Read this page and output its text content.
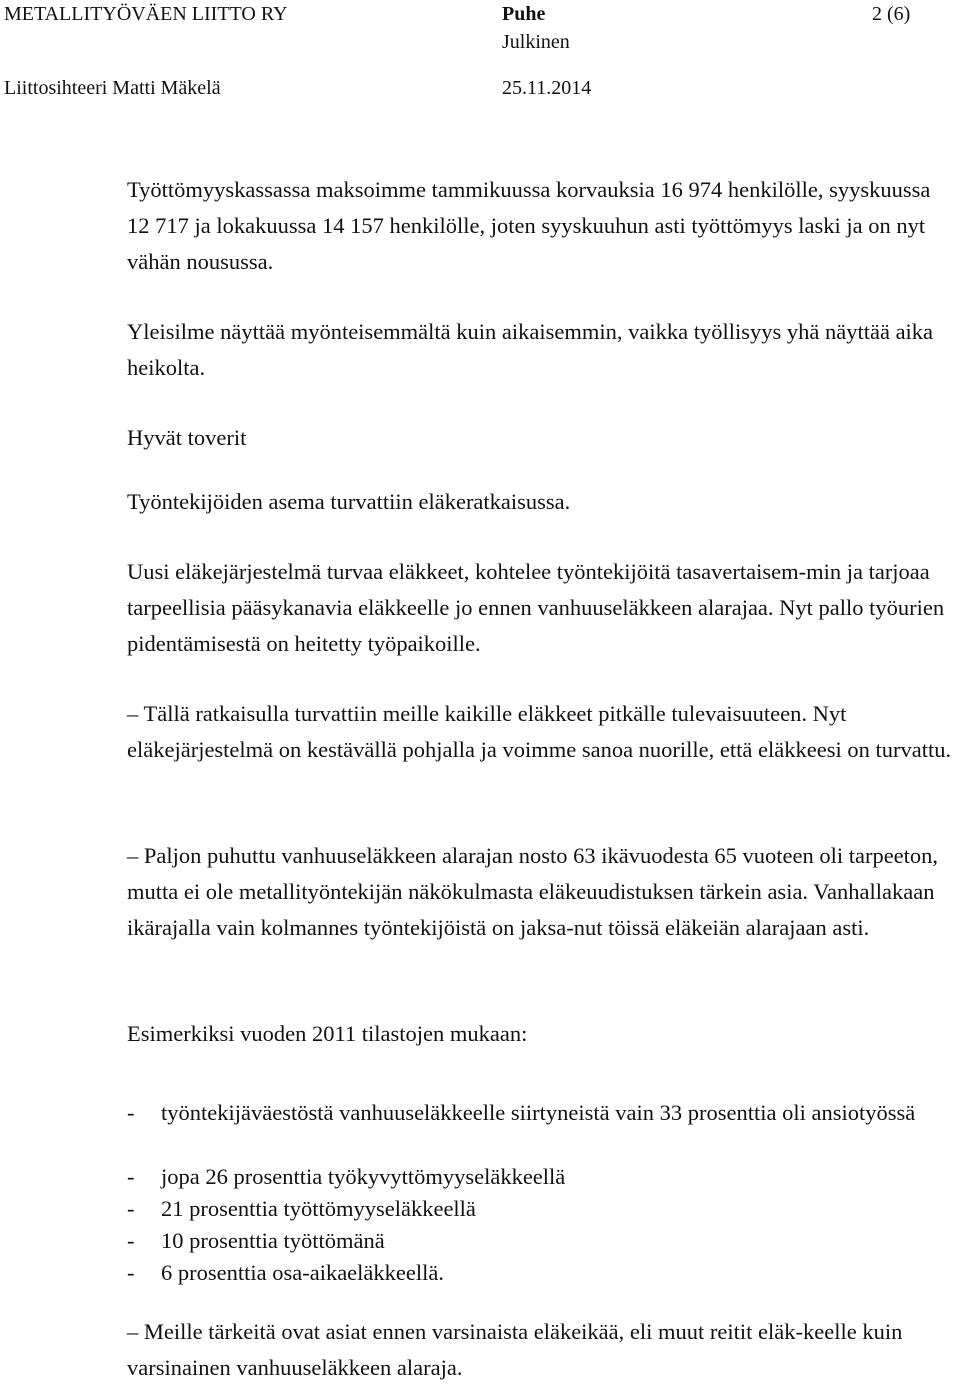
METALLITYÖVÄEN LIITTO RY	Puhe	2 (6)
Julkinen
Liittosihteeri Matti Mäkelä	25.11.2014

Työttömyyskassassa maksoimme tammikuussa korvauksia 16 974 henkilölle, syyskuussa 12 717 ja lokakuussa 14 157 henkilölle, joten syyskuuhun asti työttömyys laski ja on nyt vähän nousussa.

Yleisilme näyttää myönteisemmältä kuin aikaisemmin, vaikka työllisyys yhä näyttää aika heikolta.

Hyvät toverit

Työntekijöiden asema turvattiin eläkeratkaisussa.

Uusi eläkejärjestelmä turvaa eläkkeet, kohtelee työntekijöitä tasavertaisem-min ja tarjoaa tarpeellisia pääsykanavia eläkkeelle jo ennen vanhuuseläkkeen alarajaa. Nyt pallo työurien pidentämisestä on heitetty työpaikoille.

– Tällä ratkaisulla turvattiin meille kaikille eläkkeet pitkälle tulevaisuuteen. Nyt eläkejärjestelmä on kestävällä pohjalla ja voimme sanoa nuorille, että eläkkeesi on turvattu.

– Paljon puhuttu vanhuuseläkkeen alarajan nosto 63 ikävuodesta 65 vuoteen oli tarpeeton, mutta ei ole metallityöntekijän näkökulmasta eläkeuudistuksen tärkein asia. Vanhallakaan ikärajalla vain kolmannes työntekijöistä on jaksa-nut töissä eläkeiän alarajaan asti.

Esimerkiksi vuoden 2011 tilastojen mukaan:

- työntekijäväestöstä vanhuuseläkkeelle siirtyneistä vain 33 prosenttia oli ansiotyössä
- jopa 26 prosenttia työkyvyttömyyseläkkeellä
- 21 prosenttia työttömyyseläkkeellä
- 10 prosenttia työttömänä
- 6 prosenttia osa-aikaeläkkeellä.

– Meille tärkeitä ovat asiat ennen varsinaista eläkeikää, eli muut reitit eläk-keelle kuin varsinainen vanhuuseläkkeen alaraja.
